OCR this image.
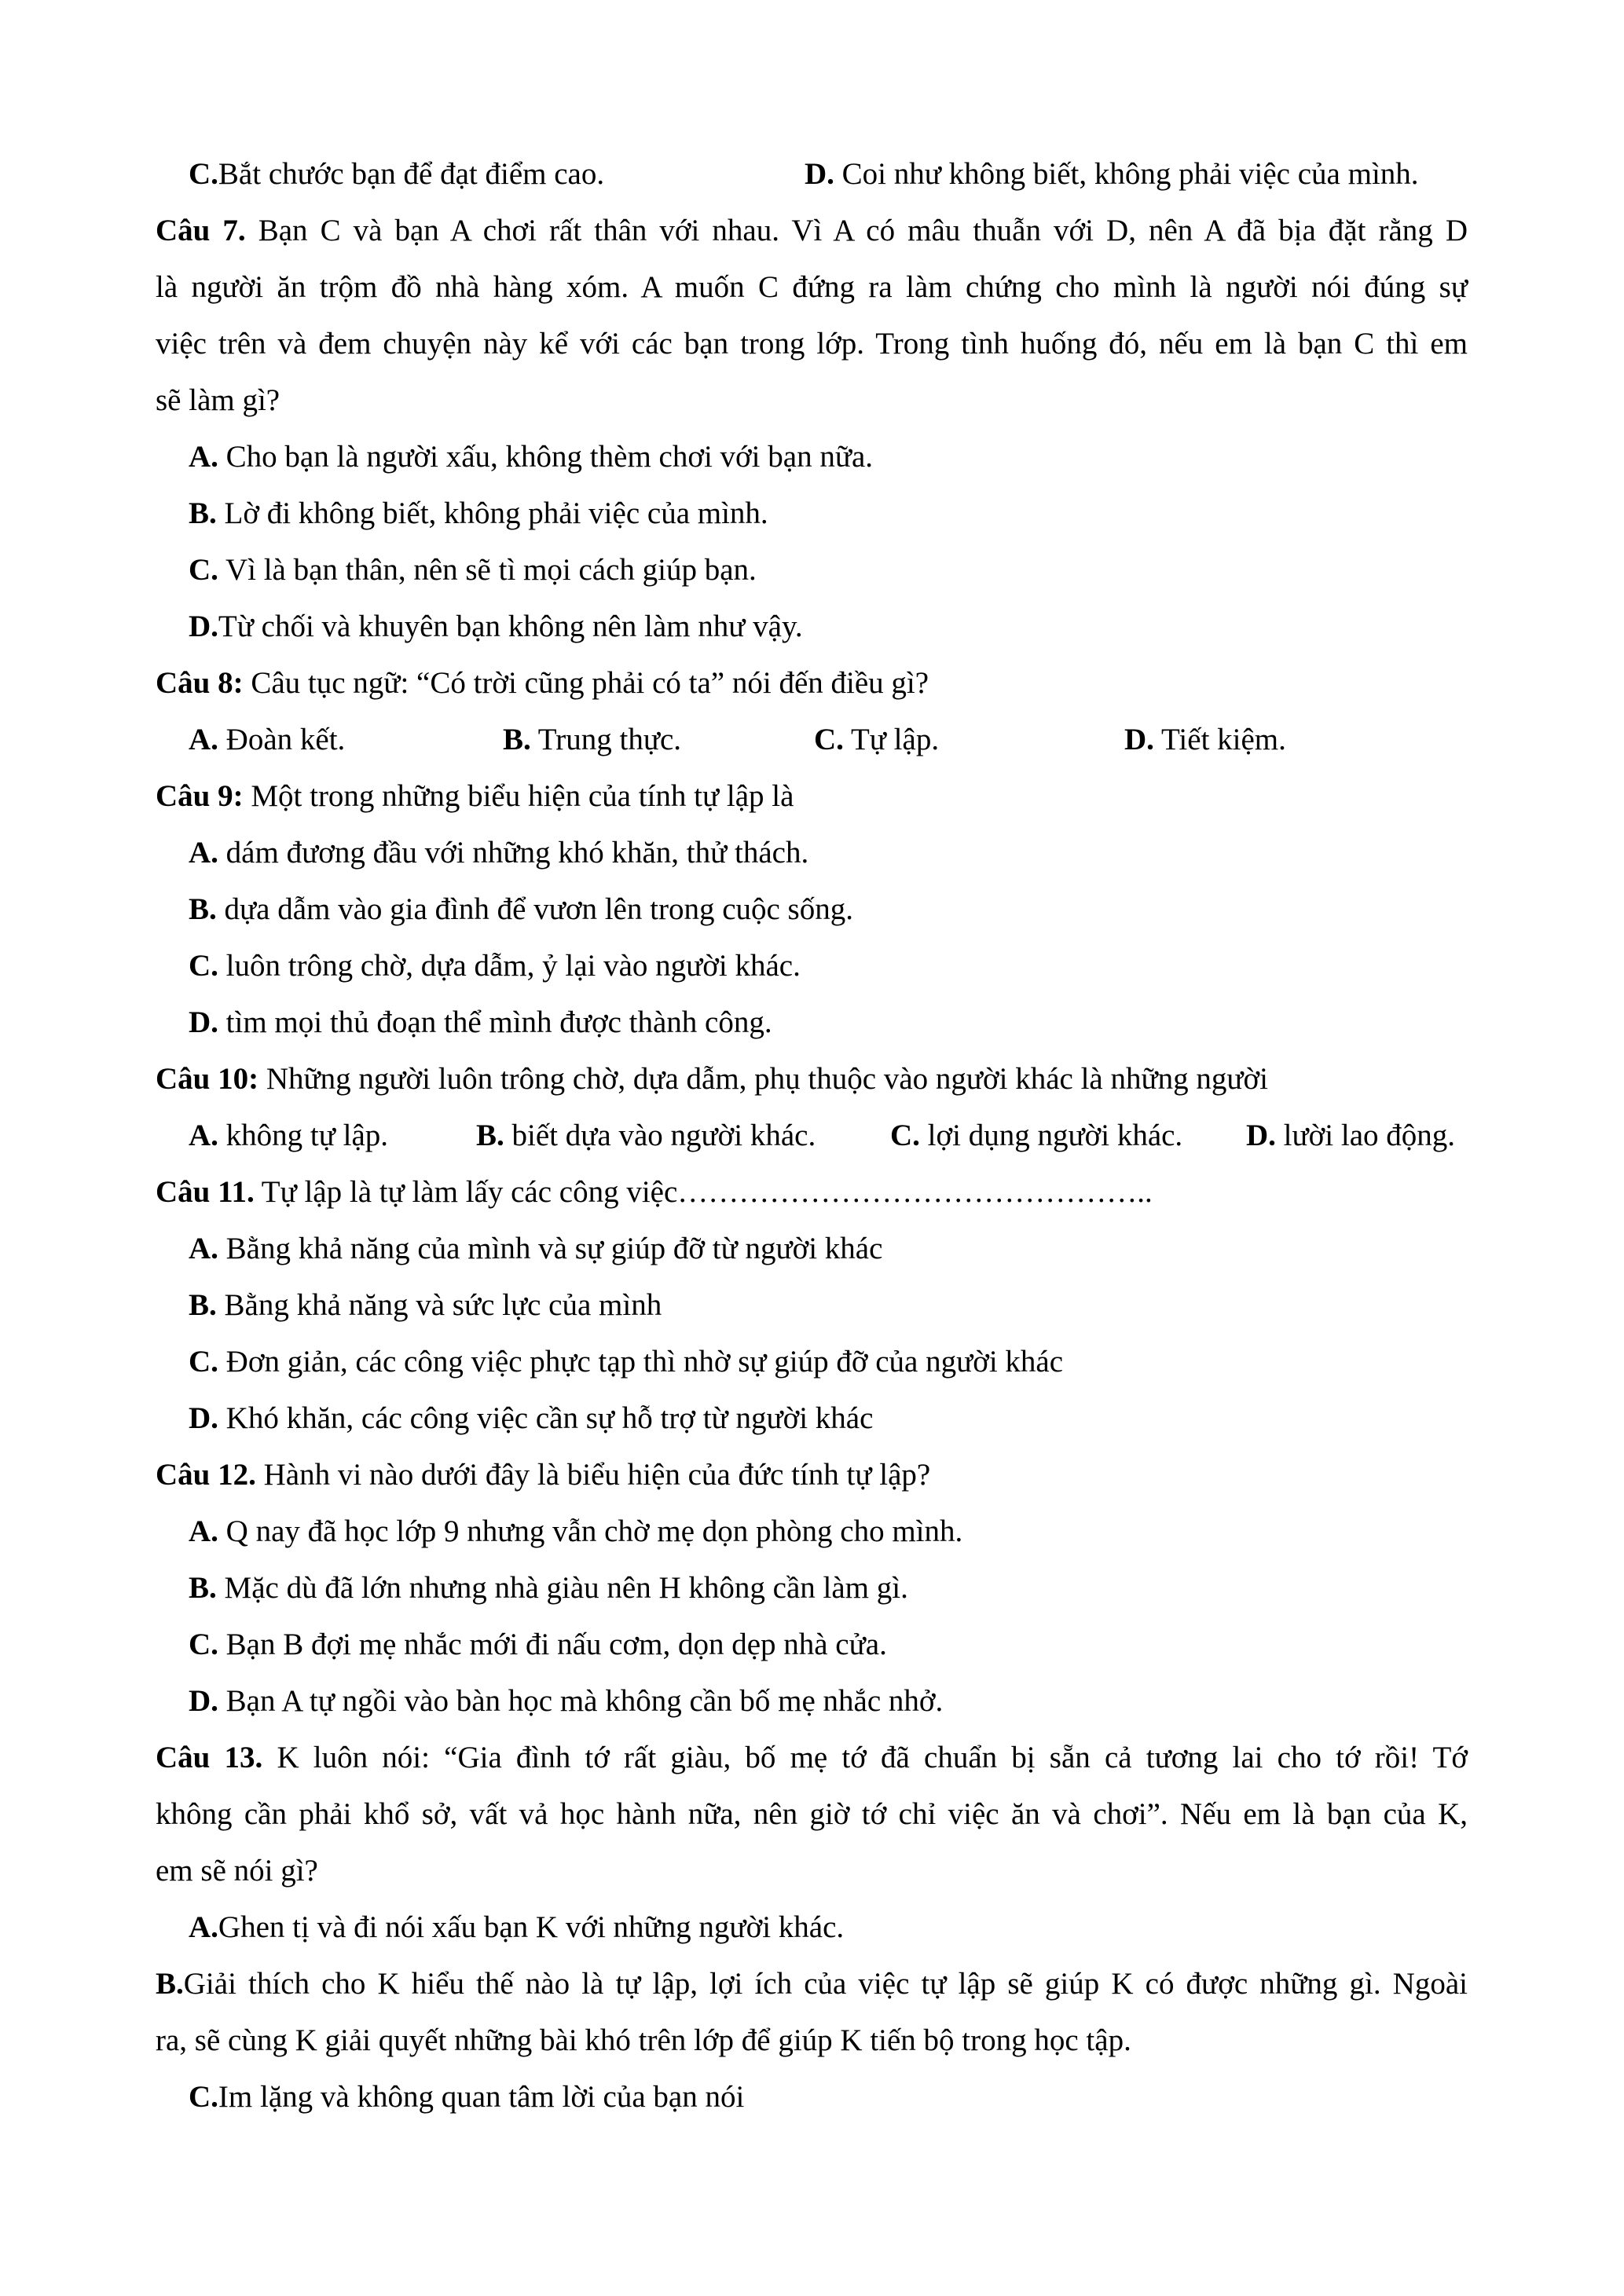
C.Bắt chước bạn để đạt điểm cao.	D. Coi như không biết, không phải việc của mình.
Câu 7. Bạn C và bạn A chơi rất thân với nhau. Vì A có mâu thuẫn với D, nên A đã bịa đặt rằng D
là người ăn trộm đồ nhà hàng xóm. A muốn C đứng ra làm chứng cho mình là người nói đúng sự
việc trên và đem chuyện này kể với các bạn trong lớp. Trong tình huống đó, nếu em là bạn C thì em
sẽ làm gì?
A. Cho bạn là người xấu, không thèm chơi với bạn nữa.
B. Lờ đi không biết, không phải việc của mình.
C. Vì là bạn thân, nên sẽ tì mọi cách giúp bạn.
D.Từ chối và khuyên bạn không nên làm như vậy.
Câu 8: Câu tục ngữ: “Có trời cũng phải có ta” nói đến điều gì?
A. Đoàn kết.	B. Trung thực.	C. Tự lập.	D. Tiết kiệm.
Câu 9: Một trong những biểu hiện của tính tự lập là
A. dám đương đầu với những khó khăn, thử thách.
B. dựa dẫm vào gia đình để vươn lên trong cuộc sống.
C. luôn trông chờ, dựa dẫm, ỷ lại vào người khác.
D. tìm mọi thủ đoạn thể mình được thành công.
Câu 10: Những người luôn trông chờ, dựa dẫm, phụ thuộc vào người khác là những người
A. không tự lập.	B. biết dựa vào người khác. C. lợi dụng người khác. D. lười lao động.
Câu 11. Tự lập là tự làm lấy các công việc………………………………………..
A. Bằng khả năng của mình và sự giúp đỡ từ người khác
B. Bằng khả năng và sức lực của mình
C. Đơn giản, các công việc phực tạp thì nhờ sự giúp đỡ của người khác
D. Khó khăn, các công việc cần sự hỗ trợ từ người khác
Câu 12. Hành vi nào dưới đây là biểu hiện của đức tính tự lập?
A. Q nay đã học lớp 9 nhưng vẫn chờ mẹ dọn phòng cho mình.
B. Mặc dù đã lớn nhưng nhà giàu nên H không cần làm gì.
C. Bạn B đợi mẹ nhắc mới đi nấu cơm, dọn dẹp nhà cửa.
D. Bạn A tự ngồi vào bàn học mà không cần bố mẹ nhắc nhở.
Câu 13. K luôn nói: “Gia đình tớ rất giàu, bố mẹ tớ đã chuẩn bị sẵn cả tương lai cho tớ rồi! Tớ
không cần phải khổ sở, vất vả học hành nữa, nên giờ tớ chỉ việc ăn và chơi”. Nếu em là bạn của K,
em sẽ nói gì?
A.Ghen tị và đi nói xấu bạn K với những người khác.
B.Giải thích cho K hiểu thế nào là tự lập, lợi ích của việc tự lập sẽ giúp K có được những gì. Ngoài
ra, sẽ cùng K giải quyết những bài khó trên lớp để giúp K tiến bộ trong học tập.
C.Im lặng và không quan tâm lời của bạn nói
